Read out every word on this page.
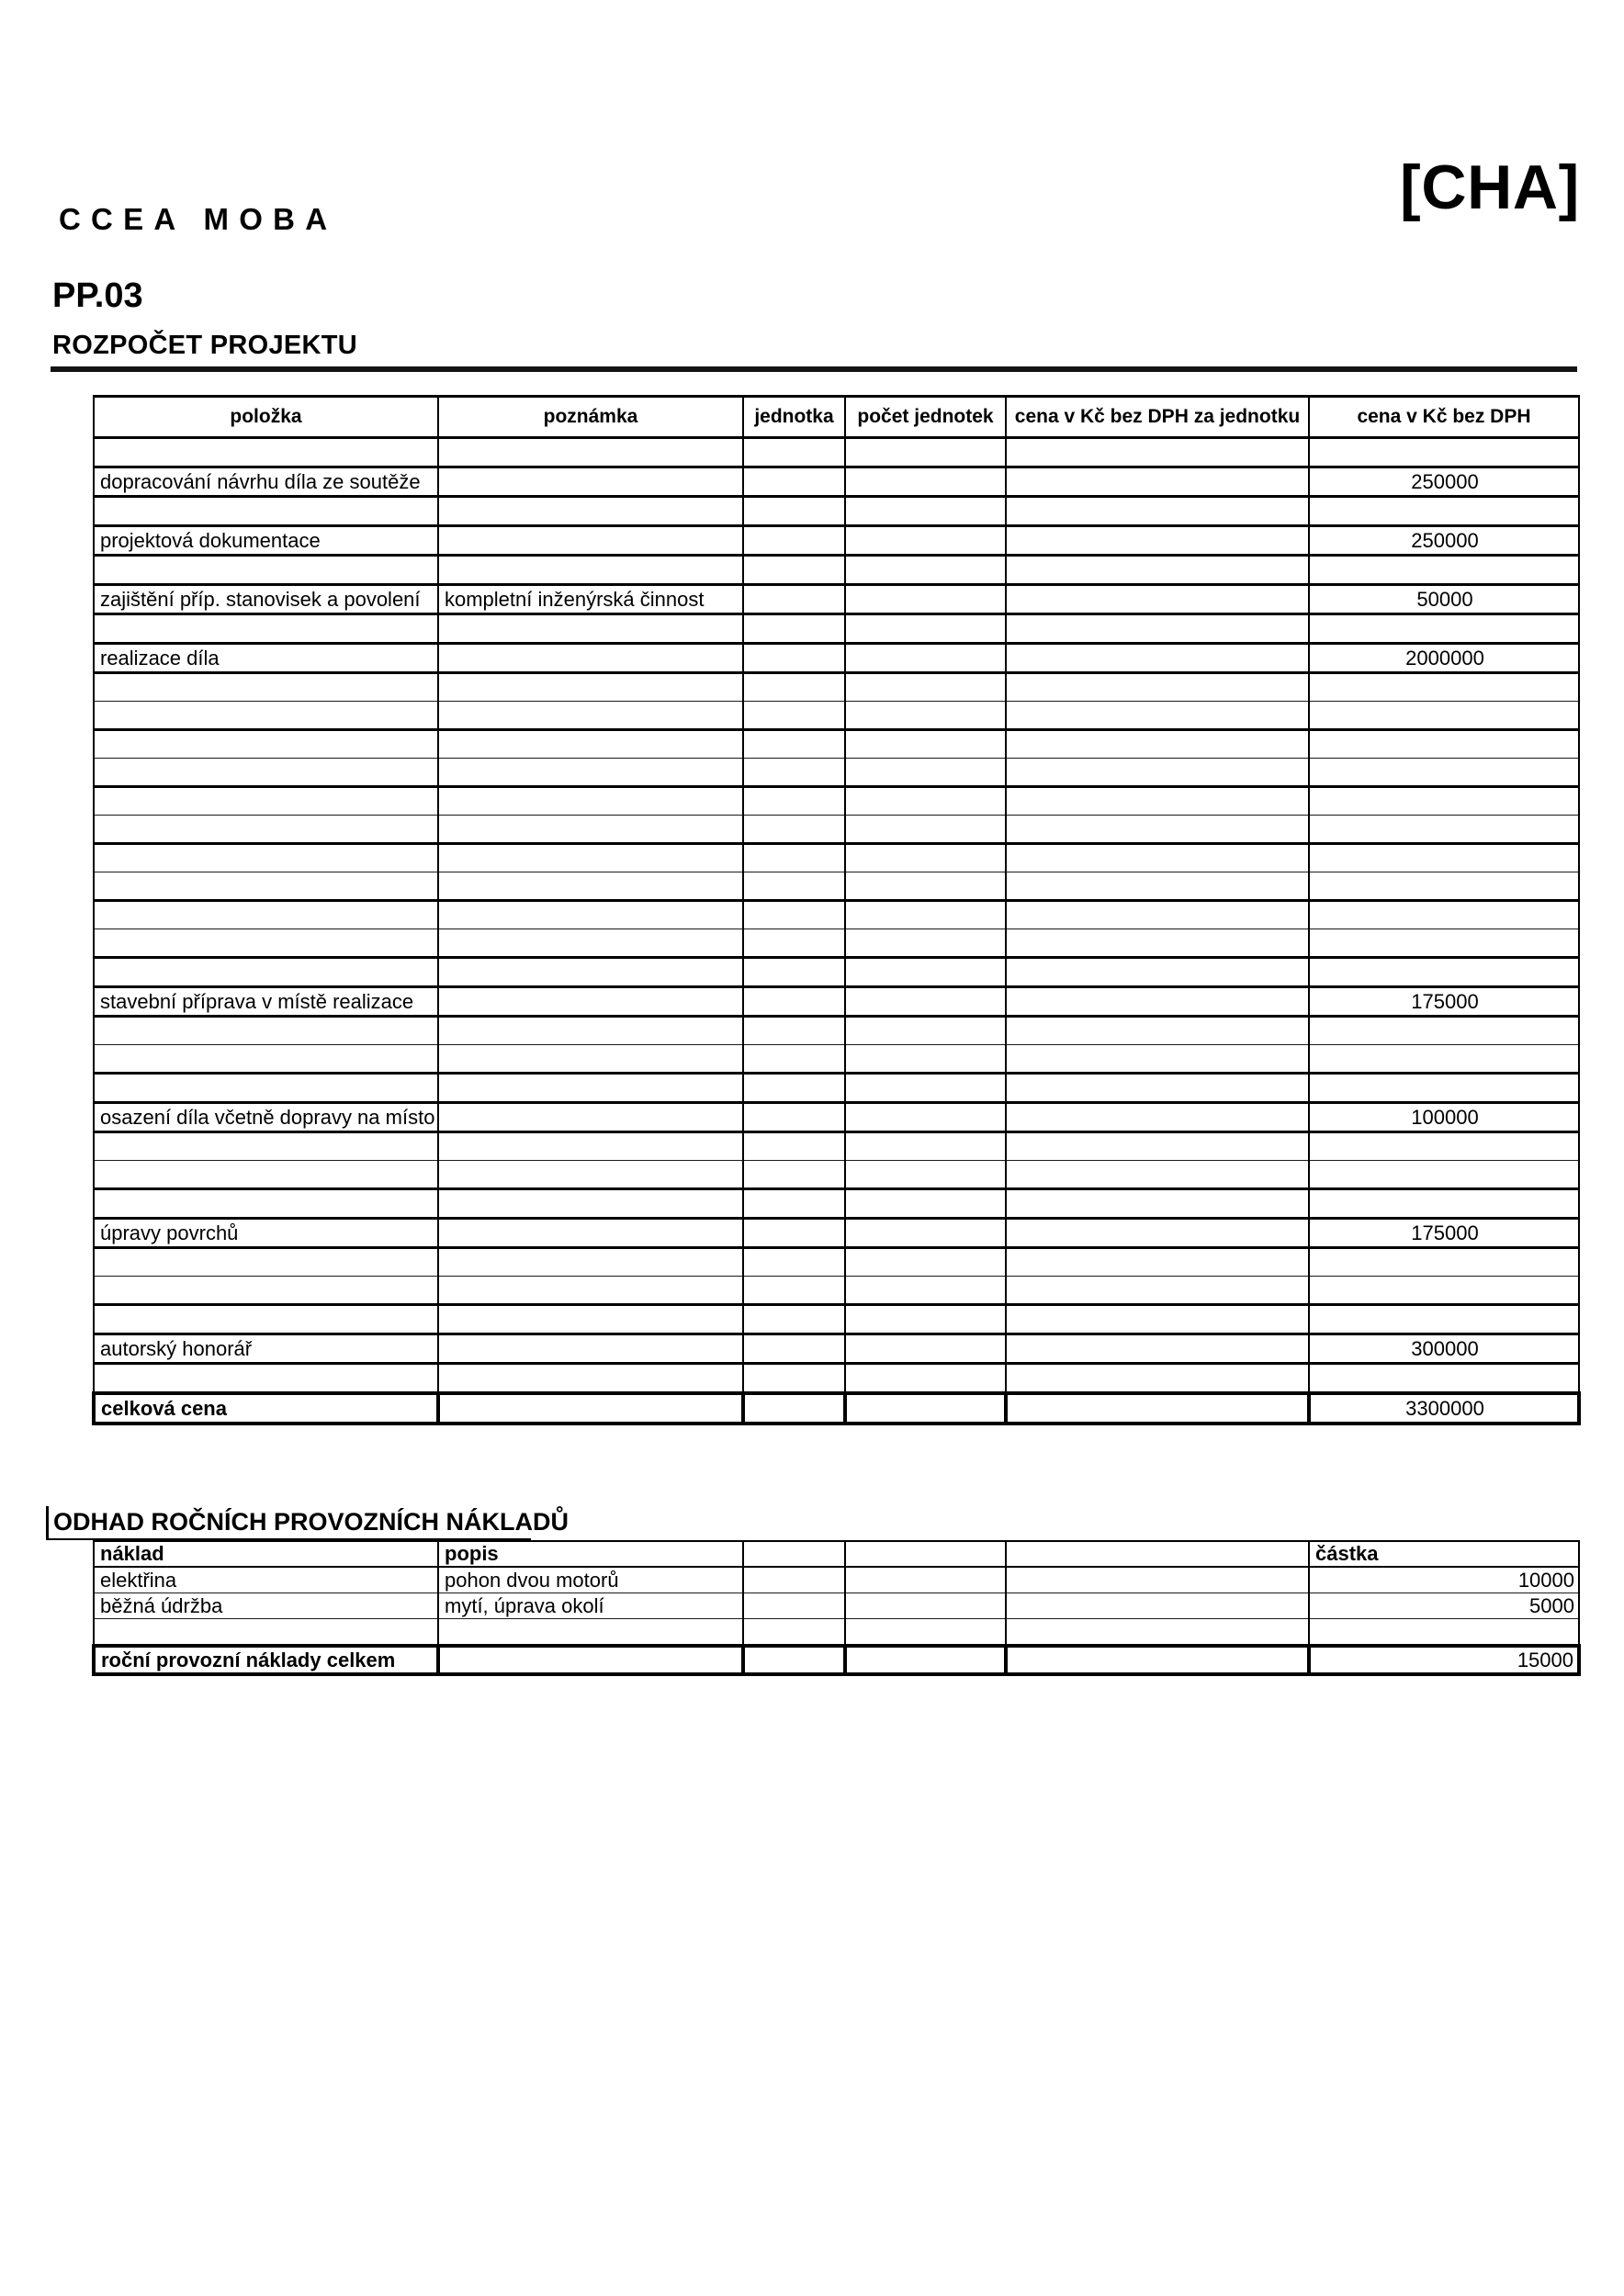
CCEA MOBA	[CHA]
PP.03
ROZPOČET PROJEKTU
položka	poznámka	jednotka	počet jednotek	cena v Kč bez DPH za jednotku	cena v Kč bez DPH

dopracování návrhu díla ze soutěže					250000

projektová dokumentace					250000

zajištění příp. stanovisek a povolení	kompletní inženýrská činnost				50000

realizace díla					2000000

stavební příprava v místě realizace					175000

osazení díla včetně dopravy na místo					100000

úpravy povrchů					175000

autorský honorář					300000

celková cena					3300000
ODHAD ROČNÍCH PROVOZNÍCH NÁKLADŮ
náklad	popis				částka
elektřina	pohon dvou motorů				10000
běžná údržba	mytí, úprava okolí				5000

roční provozní náklady celkem					15000
